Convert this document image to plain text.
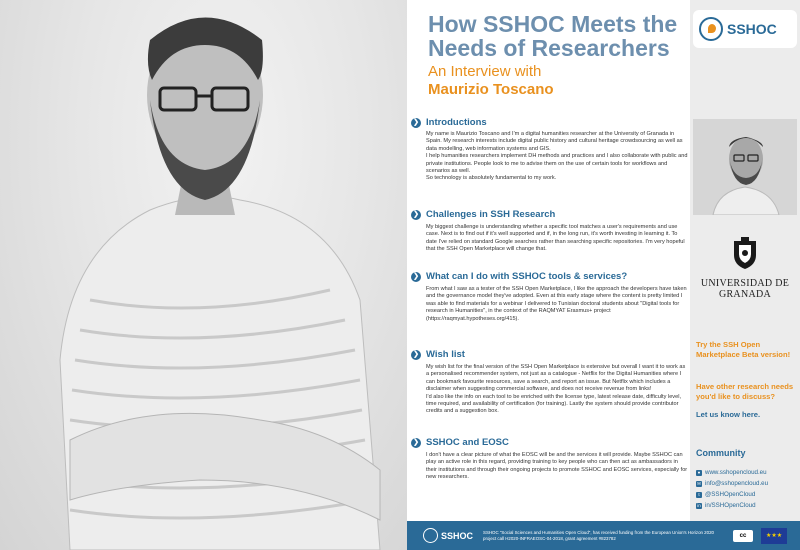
How SSHOC Meets the Needs of Researchers
An Interview with
Maurizio Toscano
❯ Introductions

My name is Maurizio Toscano and I'm a digital humanities researcher at the University of Granada in Spain. My research interests include digital public history and cultural heritage crowdsourcing as well as data modelling, web information systems and GIS.

I help humanities researchers implement DH methods and practices and I also collaborate with public and private institutions. People look to me to advise them on the use of certain tools for workflows and scenarios as well.

So technology is absolutely fundamental to my work.

❯ Challenges in SSH Research

My biggest challenge is understanding whether a specific tool matches a user's requirements and use case. Next is to find out if it's well supported and if, in the long run, it's worth investing in learning it. To date I've relied on standard Google searches rather than searching specific repositories. I'm very hopeful that the SSH Open Marketplace will change that.

❯ What can I do with SSHOC tools & services?

From what I saw as a tester of the SSH Open Marketplace, I like the approach the developers have taken and the governance model they've adopted. Even at this early stage where the content is pretty limited I was able to find materials for a webinar I delivered to Tunisian doctoral students about "Digital tools for research in Humanities", in the context of the RAQMYAT Erasmus+ project (https://raqmyat.hypotheses.org/415).

❯ Wish list

My wish list for the final version of the SSH Open Marketplace is extensive but overall I want it to work as a personalised recommender system, not just as a catalogue - Netflix for the Digital Humanities where I can bookmark favourite resources, save a search, and report an issue. But Netflix which includes a disclaimer when suggesting commercial software, and does not receive revenue from links!

I'd also like the info on each tool to be enriched with the license type, latest release date, difficulty level, time required, and availability of certification (for training). Lastly the system should provide contributor credits and a suggestion box.

❯ SSHOC and EOSC

I don't have a clear picture of what the EOSC will be and the services it will provide. Maybe SSHOC can play an active role in this regard, providing training to key people who can then act as ambassadors in their institutions and through their ongoing projects to promote SSHOC and EOSC services, especially for new researchers.

SSHOC
UNIVERSIDAD DE GRANADA
Try the SSH Open Marketplace Beta version!
Have other research needs you'd like to discuss?
Let us know here.
Community
● www.sshopencloud.eu
✉ info@sshopencloud.eu
t @SSHOpenCloud
in in/SSHOpenCloud
SSHOC SSHOC "Social Sciences and Humanities Open Cloud", has received funding from the European Union's Horizon 2020 project call H2020-INFRAEOSC-04-2018, grant agreement #823782	cc	★★★
